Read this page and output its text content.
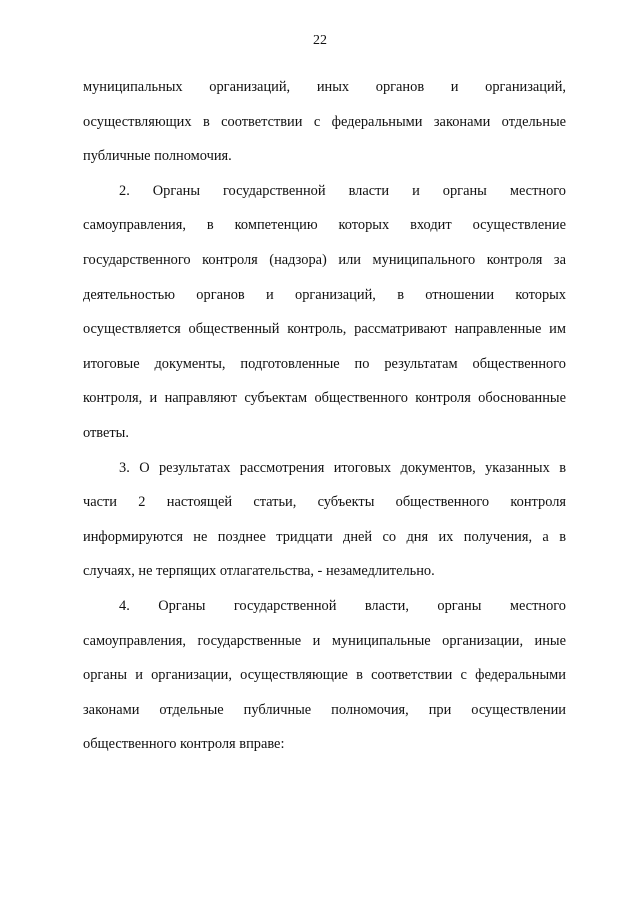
22
муниципальных организаций, иных органов и организаций,
осуществляющих в соответствии с федеральными законами отдельные
публичные полномочия.
2. Органы государственной власти и органы местного
самоуправления, в компетенцию которых входит осуществление
государственного контроля (надзора) или муниципального контроля за
деятельностью органов и организаций, в отношении которых
осуществляется общественный контроль, рассматривают направленные им
итоговые документы, подготовленные по результатам общественного
контроля, и направляют субъектам общественного контроля обоснованные
ответы.
3. О результатах рассмотрения итоговых документов, указанных в
части 2 настоящей статьи, субъекты общественного контроля
информируются не позднее тридцати дней со дня их получения, а в
случаях, не терпящих отлагательства, - незамедлительно.
4. Органы государственной власти, органы местного
самоуправления, государственные и муниципальные организации, иные
органы и организации, осуществляющие в соответствии с федеральными
законами отдельные публичные полномочия, при осуществлении
общественного контроля вправе:
